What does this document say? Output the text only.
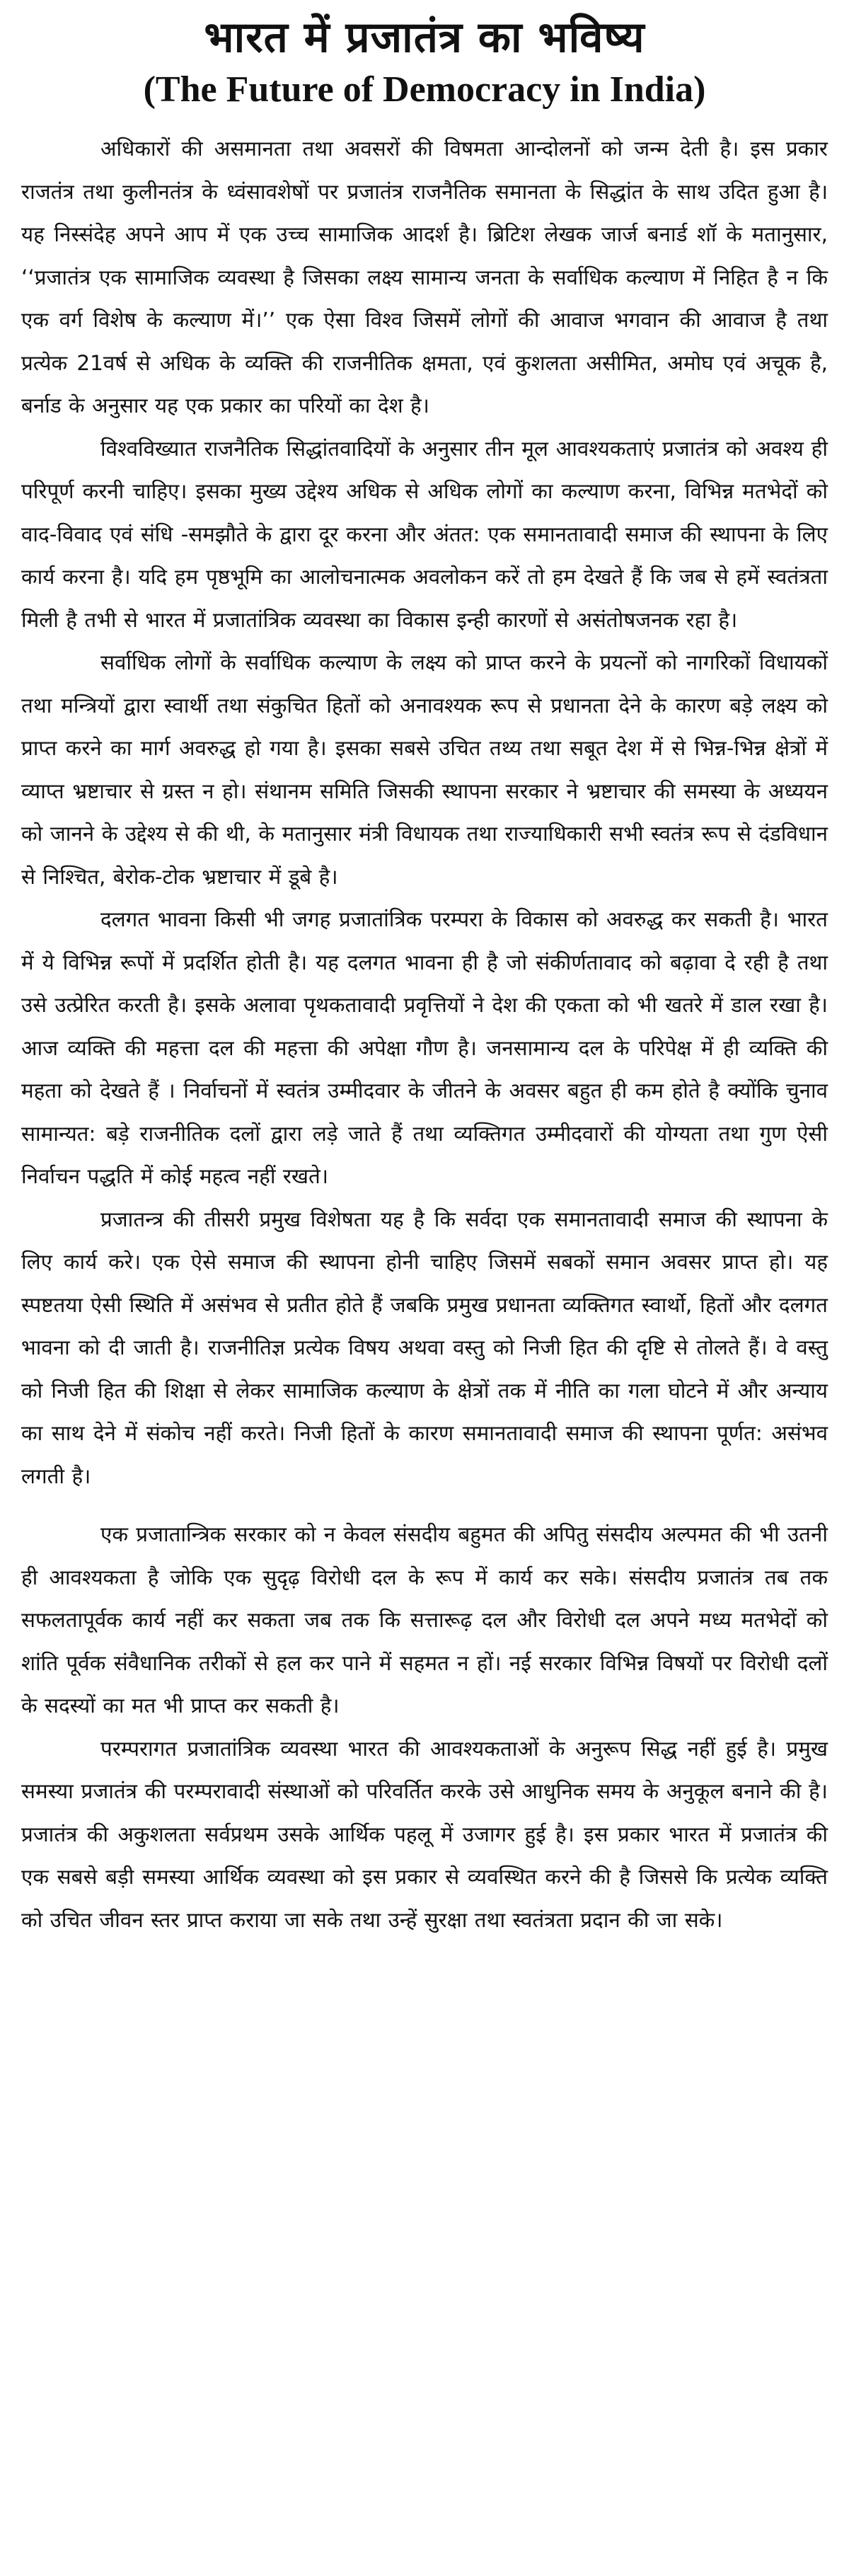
भारत में प्रजातंत्र का भविष्य
(The Future of Democracy in India)

अधिकारों की असमानता तथा अवसरों की विषमता आन्दोलनों को जन्म देती है। इस प्रकार राजतंत्र तथा कुलीनतंत्र के ध्वंसावशेषों पर प्रजातंत्र राजनैतिक समानता के सिद्धांत के साथ उदित हुआ है। यह निस्संदेह अपने आप में एक उच्च सामाजिक आदर्श है। ब्रिटिश लेखक जार्ज बनार्ड शॉ के मतानुसार, ‘‘प्रजातंत्र एक सामाजिक व्यवस्था है जिसका लक्ष्य सामान्य जनता के सर्वाधिक कल्याण में निहित है न कि एक वर्ग विशेष के कल्याण में।’’ एक ऐसा विश्व जिसमें लोगों की आवाज भगवान की आवाज है तथा प्रत्येक 21वर्ष से अधिक के व्यक्ति की राजनीतिक क्षमता, एवं कुशलता असीमित, अमोघ एवं अचूक है, बर्नाड के अनुसार यह एक प्रकार का परियों का देश है।

विश्वविख्यात राजनैतिक सिद्धांतवादियों के अनुसार तीन मूल आवश्यकताएं प्रजातंत्र को अवश्य ही परिपूर्ण करनी चाहिए। इसका मुख्य उद्देश्य अधिक से अधिक लोगों का कल्याण करना, विभिन्न मतभेदों को वाद-विवाद एवं संधि -समझौते के द्वारा दूर करना और अंतत: एक समानतावादी समाज की स्थापना के लिए कार्य करना है। यदि हम पृष्ठभूमि का आलोचनात्मक अवलोकन करें तो हम देखते हैं कि जब से हमें स्वतंत्रता मिली है तभी से भारत में प्रजातांत्रिक व्यवस्था का विकास इन्ही कारणों से असंतोषजनक रहा है।

सर्वाधिक लोगों के सर्वाधिक कल्याण के लक्ष्य को प्राप्त करने के प्रयत्नों को नागरिकों विधायकों तथा मन्त्रियों द्वारा स्वार्थी तथा संकुचित हितों को अनावश्यक रूप से प्रधानता देने के कारण बड़े लक्ष्य को प्राप्त करने का मार्ग अवरुद्ध हो गया है। इसका सबसे उचित तथ्य तथा सबूत देश में से भिन्न-भिन्न क्षेत्रों में व्याप्त भ्रष्टाचार से ग्रस्त न हो। संथानम समिति जिसकी स्थापना सरकार ने भ्रष्टाचार की समस्या के अध्ययन को जानने के उद्देश्य से की थी, के मतानुसार मंत्री विधायक तथा राज्याधिकारी सभी स्वतंत्र रूप से दंडविधान से निश्चित, बेरोक-टोक भ्रष्टाचार में डूबे है।

दलगत भावना किसी भी जगह प्रजातांत्रिक परम्परा के विकास को अवरुद्ध कर सकती है। भारत में ये विभिन्न रूपों में प्रदर्शित होती है। यह दलगत भावना ही है जो संकीर्णतावाद को बढ़ावा दे रही है तथा उसे उत्प्रेरित करती है। इसके अलावा पृथकतावादी प्रवृत्तियों ने देश की एकता को भी खतरे में डाल रखा है। आज व्यक्ति की महत्ता दल की महत्ता की अपेक्षा गौण है। जनसामान्य दल के परिपेक्ष में ही व्यक्ति की महता को देखते हैं । निर्वाचनों में स्वतंत्र उम्मीदवार के जीतने के अवसर बहुत ही कम होते है क्योंकि चुनाव सामान्यत: बड़े राजनीतिक दलों द्वारा लड़े जाते हैं तथा व्यक्तिगत उम्मीदवारों की योग्यता तथा गुण ऐसी निर्वाचन पद्धति में कोई महत्व नहीं रखते।

प्रजातन्त्र की तीसरी प्रमुख विशेषता यह है कि सर्वदा एक समानतावादी समाज की स्थापना के लिए कार्य करे। एक ऐसे समाज की स्थापना होनी चाहिए जिसमें सबकों समान अवसर प्राप्त हो। यह स्पष्टतया ऐसी स्थिति में असंभव से प्रतीत होते हैं जबकि प्रमुख प्रधानता व्यक्तिगत स्वार्थो, हितों और दलगत भावना को दी जाती है। राजनीतिज्ञ प्रत्येक विषय अथवा वस्तु को निजी हित की दृष्टि से तोलते हैं। वे वस्तु को निजी हित की शिक्षा से लेकर सामाजिक कल्याण के क्षेत्रों तक में नीति का गला घोटने में और अन्याय का साथ देने में संकोच नहीं करते। निजी हितों के कारण समानतावादी समाज की स्थापना पूर्णत: असंभव लगती है।

एक प्रजातान्त्रिक सरकार को न केवल संसदीय बहुमत की अपितु संसदीय अल्पमत की भी उतनी ही आवश्यकता है जोकि एक सुदृढ़ विरोधी दल के रूप में कार्य कर सके। संसदीय प्रजातंत्र तब तक सफलतापूर्वक कार्य नहीं कर सकता जब तक कि सत्तारूढ़ दल और विरोधी दल अपने मध्य मतभेदों को शांति पूर्वक संवैधानिक तरीकों से हल कर पाने में सहमत न हों। नई सरकार विभिन्न विषयों पर विरोधी दलों के सदस्यों का मत भी प्राप्त कर सकती है।

परम्परागत प्रजातांत्रिक व्यवस्था भारत की आवश्यकताओं के अनुरूप सिद्ध नहीं हुई है। प्रमुख समस्या प्रजातंत्र की परम्परावादी संस्थाओं को परिवर्तित करके उसे आधुनिक समय के अनुकूल बनाने की है। प्रजातंत्र की अकुशलता सर्वप्रथम उसके आर्थिक पहलू में उजागर हुई है। इस प्रकार भारत में प्रजातंत्र की एक सबसे बड़ी समस्या आर्थिक व्यवस्था को इस प्रकार से व्यवस्थित करने की है जिससे कि प्रत्येक व्यक्ति को उचित जीवन स्तर प्राप्त कराया जा सके तथा उन्हें सुरक्षा तथा स्वतंत्रता प्रदान की जा सके।
